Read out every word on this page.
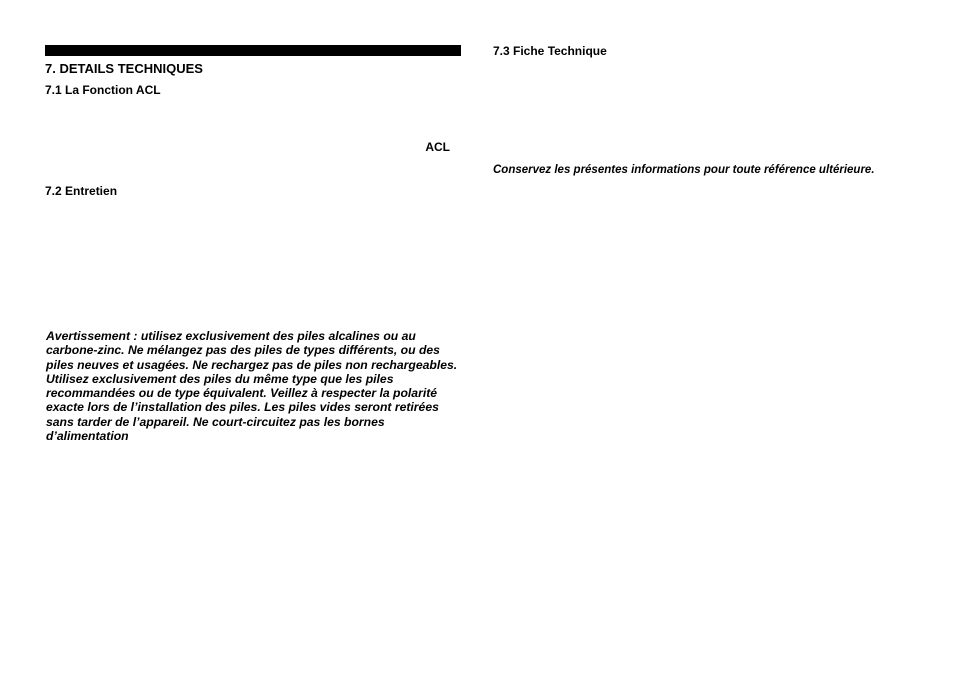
7. DETAILS TECHNIQUES
7.1 La Fonction ACL
ACL
7.2 Entretien

Avertissement : utilisez exclusivement des piles alcalines ou au carbone-zinc. Ne mélangez pas des piles de types différents, ou des piles neuves et usagées. Ne rechargez pas de piles non rechargeables. Utilisez exclusivement des piles du même type que les piles recommandées ou de type équivalent. Veillez à respecter la polarité exacte lors de l’installation des piles. Les piles vides seront retirées sans tarder de l’appareil. Ne court-circuitez pas les bornes d’alimentation

7.3 Fiche Technique
Conservez les présentes informations pour toute référence ultérieure.
